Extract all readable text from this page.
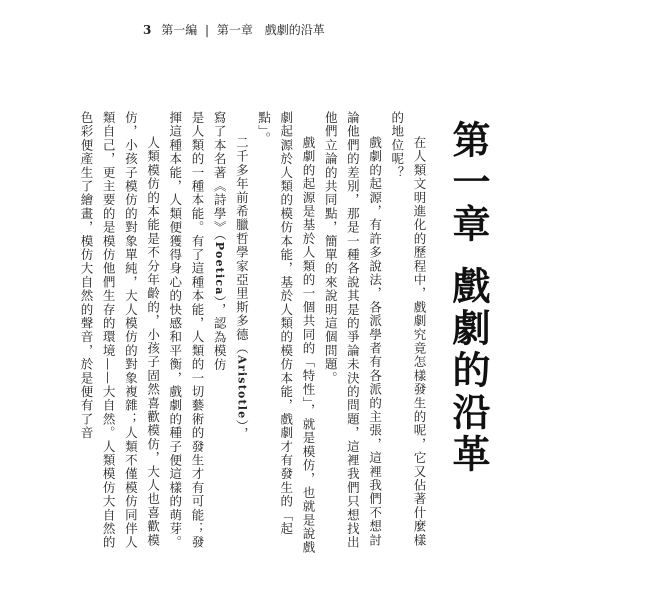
3 第一編 | 第一章 戲劇的沿革
第一章戲劇的沿革

在人類文明進化的歷程中，戲劇究竟怎樣發生的呢，它又佔著什麼樣的地位呢？

戲劇的起源，有許多說法，各派學者有各派的主張，這裡我們不想討論他們的差別，那是一種各說其是的爭論未決的問題，這裡我們只想找出他們立論的共同點，簡單的來說明這個問題。

戲劇的起源是基於人類的一個共同的「特性」，就是模仿，也就是說戲劇起源於人類的模仿本能，基於人類的模仿本能，戲劇才有發生的「起點」。

二千多年前希臘哲學家亞里斯多德（Aristotle），寫了本名著《詩學》（Poetica），認為模仿

是人類的一種本能。有了這種本能，人類的一切藝術的發生才有可能；發揮這種本能，人類便獲得身心的快感和平衡，戲劇的種子便這樣的萌芽。

人類模仿的本能是不分年齡的，小孩子固然喜歡模仿，大人也喜歡模仿，小孩子模仿的對象單純，大人模仿的對象複雜；人類不僅模仿同伴人類自己，更主要的是模仿他們生存的環境——大自然。人類模仿大自然的色彩便產生了繪畫，模仿大自然的聲音，於是便有了音
